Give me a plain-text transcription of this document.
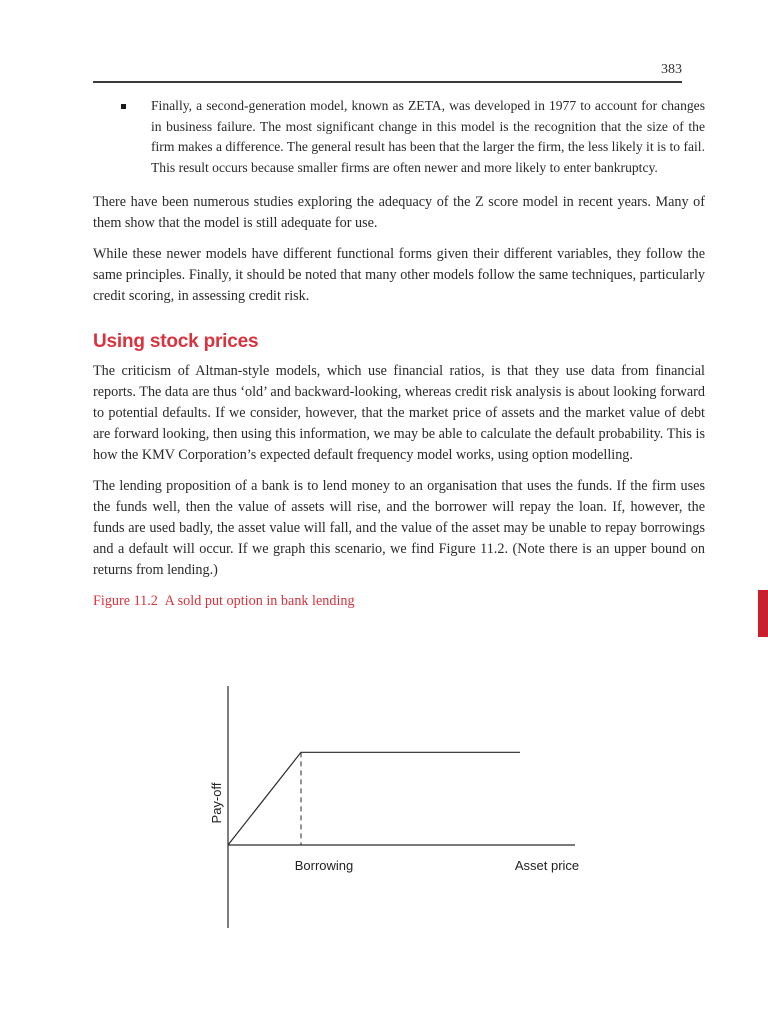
383
Finally, a second-generation model, known as ZETA, was developed in 1977 to account for changes in business failure. The most significant change in this model is the recognition that the size of the firm makes a difference. The general result has been that the larger the firm, the less likely it is to fail. This result occurs because smaller firms are often newer and more likely to enter bankruptcy.

There have been numerous studies exploring the adequacy of the Z score model in recent years. Many of them show that the model is still adequate for use.

While these newer models have different functional forms given their different variables, they follow the same principles. Finally, it should be noted that many other models follow the same techniques, particularly credit scoring, in assessing credit risk.

Using stock prices

The criticism of Altman-style models, which use financial ratios, is that they use data from financial reports. The data are thus ‘old’ and backward-looking, whereas credit risk analysis is about looking forward to potential defaults. If we consider, however, that the market price of assets and the market value of debt are forward looking, then using this information, we may be able to calculate the default probability. This is how the KMV Corporation’s expected default frequency model works, using option modelling.

The lending proposition of a bank is to lend money to an organisation that uses the funds. If the firm uses the funds well, then the value of assets will rise, and the borrower will repay the loan. If, however, the funds are used badly, the asset value will fall, and the value of the asset may be unable to repay borrowings and a default will occur. If we graph this scenario, we find Figure 11.2. (Note there is an upper bound on returns from lending.)

Figure 11.2 A sold put option in bank lending
Pay-off
Borrowing	Asset price
